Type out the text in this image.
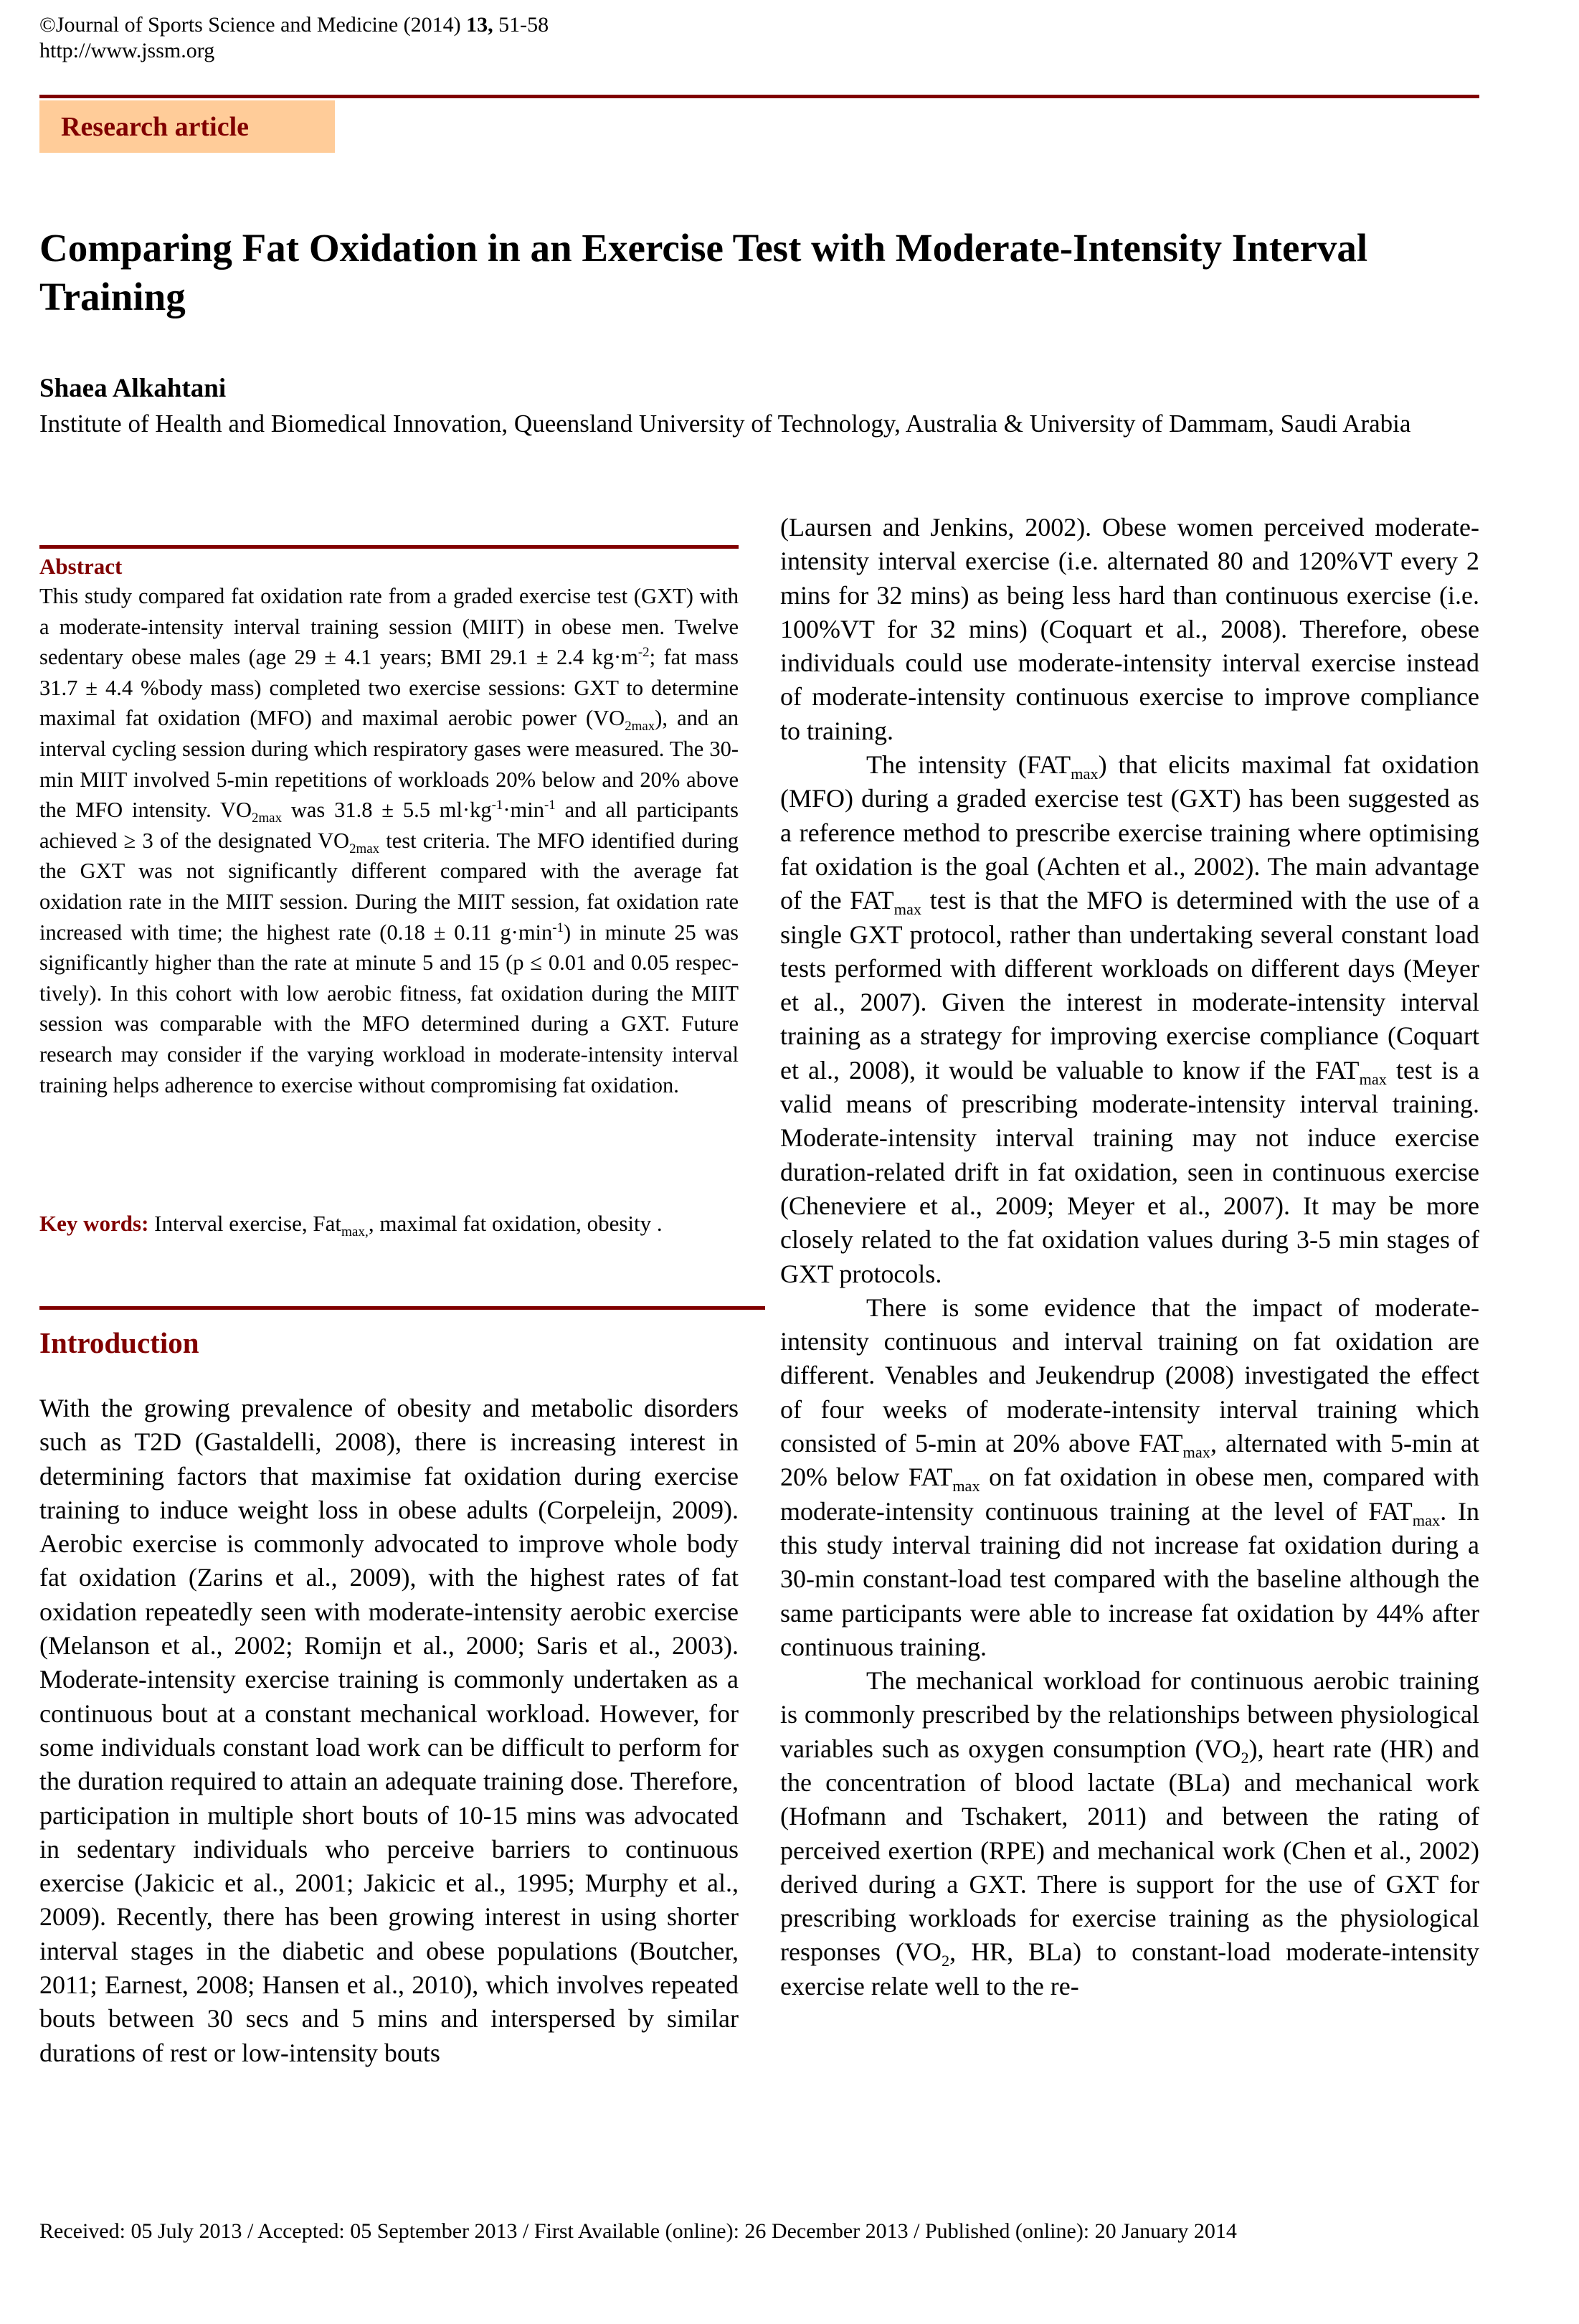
©Journal of Sports Science and Medicine (2014) 13, 51-58
http://www.jssm.org
Research article
Comparing Fat Oxidation in an Exercise Test with Moderate-Intensity Interval Training
Shaea Alkahtani
Institute of Health and Biomedical Innovation, Queensland University of Technology, Australia & University of Dammam, Saudi Arabia
Abstract
This study compared fat oxidation rate from a graded exercise test (GXT) with a moderate-intensity interval training session (MIIT) in obese men. Twelve sedentary obese males (age 29 ± 4.1 years; BMI 29.1 ± 2.4 $kg\cdot m^{-2}$; fat mass 31.7 ± 4.4 %body mass) completed two exercise sessions: GXT to determine maximal fat oxidation (MFO) and maximal aerobic power $(VO_{2max})$, and an interval cycling session during which respiratory gases were measured. The 30-min MIIT involved 5-min repetitions of workloads 20% below and 20% above the MFO intensity. $VO_{2max}$ was 31.8 ± 5.5 $ml\cdot kg^{-1}\cdot\min^{-1}$ and all participants achieved ≥ 3 of the designated $VO_{2max}$ test criteria. The MFO identified during the GXT was not significantly different compared with the average fat oxidation rate in the MIIT session. During the MIIT session, fat oxidation rate increased with time; the highest rate (0.18 ± 0.11 $g\cdot\min^{-1}$) in minute 25 was significantly higher than the rate at minute 5 and 15 (p ≤ 0.01 and 0.05 respectively). In this cohort with low aerobic fitness, fat oxidation during the MIIT session was comparable with the MFO determined during a GXT. Future research may consider if the varying workload in moderate-intensity interval training helps adherence to exercise without compromising fat oxidation.
Key words: Interval exercise, Fat$_{max,}$, maximal fat oxidation, obesity .
Introduction

With the growing prevalence of obesity and metabolic disorders such as T2D (Gastaldelli, 2008), there is increasing interest in determining factors that maximise fat oxidation during exercise training to induce weight loss in obese adults (Corpeleijn, 2009). Aerobic exercise is commonly advocated to improve whole body fat oxidation (Zarins et al., 2009), with the highest rates of fat oxidation repeatedly seen with moderate-intensity aerobic exercise (Melanson et al., 2002; Romijn et al., 2000; Saris et al., 2003). Moderate-intensity exercise training is commonly undertaken as a continuous bout at a constant mechanical workload. However, for some individuals constant load work can be difficult to perform for the duration required to attain an adequate training dose. Therefore, participation in multiple short bouts of 10-15 mins was advocated in sedentary individuals who perceive barriers to continuous exercise (Jakicic et al., 2001; Jakicic et al., 1995; Murphy et al., 2009). Recently, there has been growing interest in using shorter interval stages in the diabetic and obese populations (Boutcher, 2011; Earnest, 2008; Hansen et al., 2010), which involves repeated bouts between 30 secs and 5 mins and interspersed by similar durations of rest or low-intensity bouts

(Laursen and Jenkins, 2002). Obese women perceived moderate-intensity interval exercise (i.e. alternated 80 and 120%VT every 2 mins for 32 mins) as being less hard than continuous exercise (i.e. 100%VT for 32 mins) (Coquart et al., 2008). Therefore, obese individuals could use moderate-intensity interval exercise instead of moderate-intensity continuous exercise to improve compliance to training.

The intensity $(FAT_{max})$ that elicits maximal fat oxidation (MFO) during a graded exercise test (GXT) has been suggested as a reference method to prescribe exercise training where optimising fat oxidation is the goal (Achten et al., 2002). The main advantage of the $FAT_{max}$ test is that the MFO is determined with the use of a single GXT protocol, rather than undertaking several constant load tests performed with different workloads on different days (Meyer et al., 2007). Given the interest in moderate-intensity interval training as a strategy for improving exercise compliance (Coquart et al., 2008), it would be valuable to know if the $FAT_{max}$ test is a valid means of prescribing moderate-intensity interval training. Moderate-intensity interval training may not induce exercise duration-related drift in fat oxidation, seen in continuous exercise (Cheneviere et al., 2009; Meyer et al., 2007). It may be more closely related to the fat oxidation values during 3-5 min stages of GXT protocols.

There is some evidence that the impact of moderate-intensity continuous and interval training on fat oxidation are different. Venables and Jeukendrup (2008) investigated the effect of four weeks of moderate-intensity interval training which consisted of 5-min at 20% above $FAT_{max}$, alternated with 5-min at 20% below $FAT_{max}$ on fat oxidation in obese men, compared with moderate-intensity continuous training at the level of $FAT_{max}$. In this study interval training did not increase fat oxidation during a 30-min constant-load test compared with the baseline although the same participants were able to increase fat oxidation by 44% after continuous training.

The mechanical workload for continuous aerobic training is commonly prescribed by the relationships between physiological variables such as oxygen consumption $(VO_2)$, heart rate (HR) and the concentration of blood lactate (BLa) and mechanical work (Hofmann and Tschakert, 2011) and between the rating of perceived exertion (RPE) and mechanical work (Chen et al., 2002) derived during a GXT. There is support for the use of GXT for prescribing workloads for exercise training as the physiological responses ($VO_2$, HR, BLa) to constant-load moderate-intensity exercise relate well to the re-

Received: 05 July 2013 / Accepted: 05 September 2013 / First Available (online): 26 December 2013 / Published (online): 20 January 2014
